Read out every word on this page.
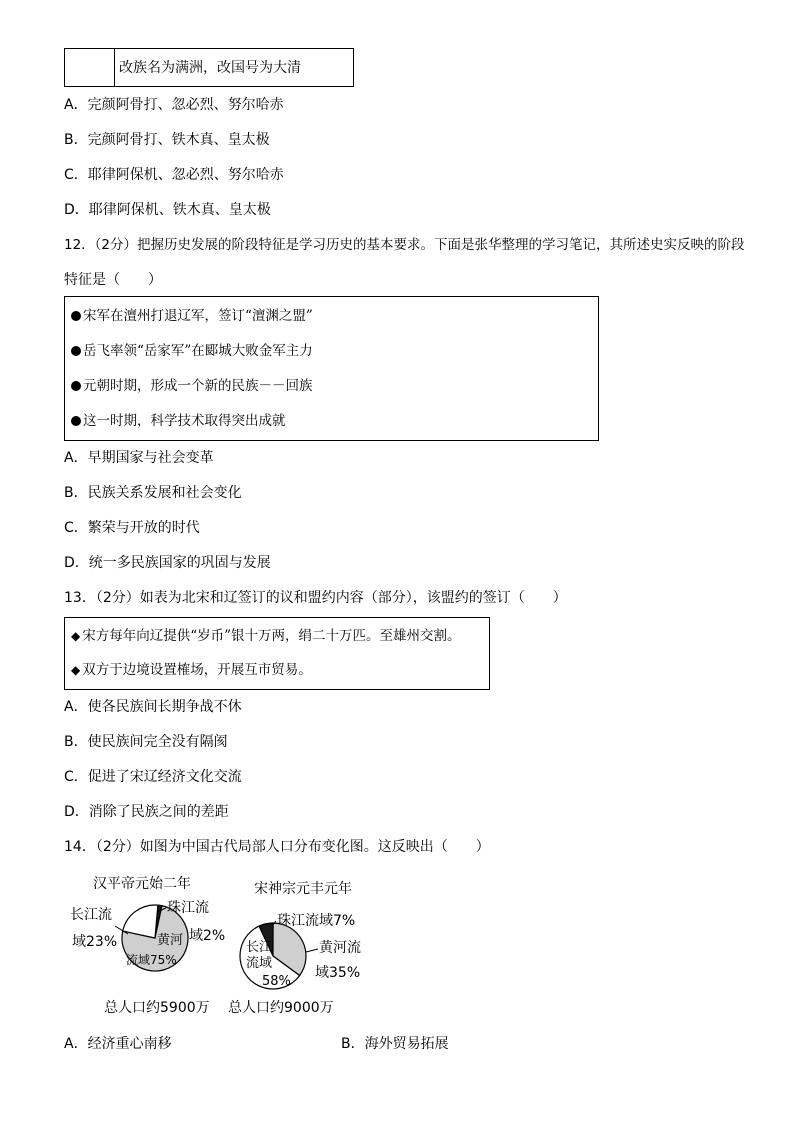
改族名为满洲，改国号为大清
A．完颜阿骨打、忽必烈、努尔哈赤
B．完颜阿骨打、铁木真、皇太极
C．耶律阿保机、忽必烈、努尔哈赤
D．耶律阿保机、铁木真、皇太极
12．（2分）把握历史发展的阶段特征是学习历史的基本要求。下面是张华整理的学习笔记，其所述史实反映的阶段
特征是（　　）
宋军在澶州打退辽军，签订“澶渊之盟”
岳飞率领“岳家军”在郾城大败金军主力
元朝时期，形成一个新的民族－－回族
这一时期，科学技术取得突出成就
A．早期国家与社会变革
B．民族关系发展和社会变化
C．繁荣与开放的时代
D．统一多民族国家的巩固与发展
13．（2分）如表为北宋和辽签订的议和盟约内容（部分），该盟约的签订（　　）
◆ 宋方每年向辽提供“岁币”银十万两，绢二十万匹。至雄州交割。
◆ 双方于边境设置榷场，开展互市贸易。
A．使各民族间长期争战不休
B．使民族间完全没有隔阂
C．促进了宋辽经济文化交流
D．消除了民族之间的差距
14．（2分）如图为中国古代局部人口分布变化图。这反映出（　　）
汉平帝元始二年
长江流
域23%
珠江流
域2%
黄河
流域75%
总人口约5900万
宋神宗元丰元年
珠江流域7%
黄河流
域35%
长江
流域
58%
总人口约9000万
A．经济重心南移	B．海外贸易拓展
